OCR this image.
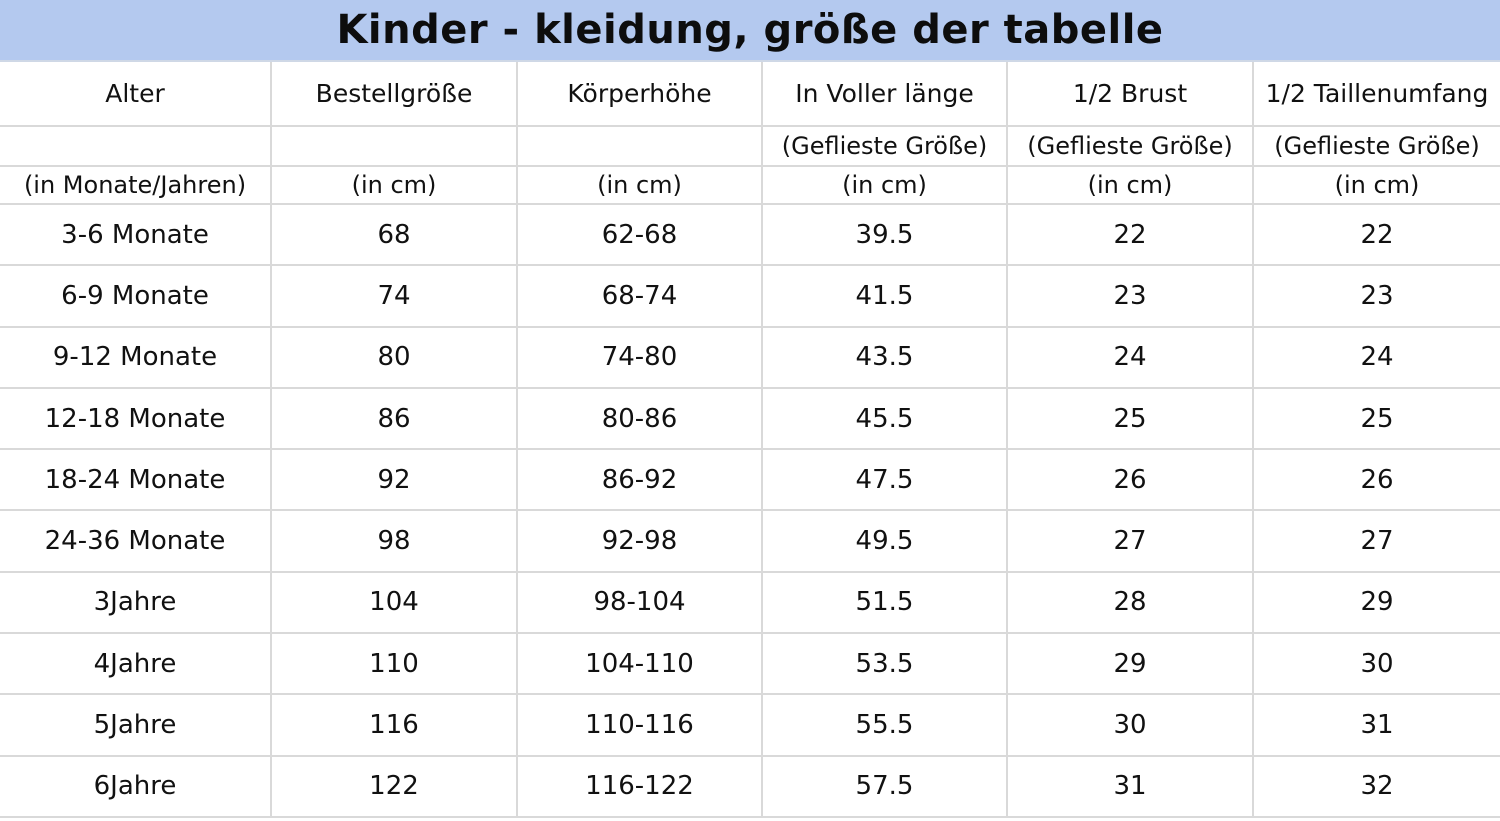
Kinder - kleidung, größe der tabelle
Alter	Bestellgröße	Körperhöhe	In Voller länge	1/2 Brust	1/2 Taillenumfang
			(Geflieste Größe)	(Geflieste Größe)	(Geflieste Größe)
(in Monate/Jahren)	(in cm)	(in cm)	(in cm)	(in cm)	(in cm)
3-6 Monate	68	62-68	39.5	22	22
6-9 Monate	74	68-74	41.5	23	23
9-12 Monate	80	74-80	43.5	24	24
12-18 Monate	86	80-86	45.5	25	25
18-24 Monate	92	86-92	47.5	26	26
24-36 Monate	98	92-98	49.5	27	27
3Jahre	104	98-104	51.5	28	29
4Jahre	110	104-110	53.5	29	30
5Jahre	116	110-116	55.5	30	31
6Jahre	122	116-122	57.5	31	32
